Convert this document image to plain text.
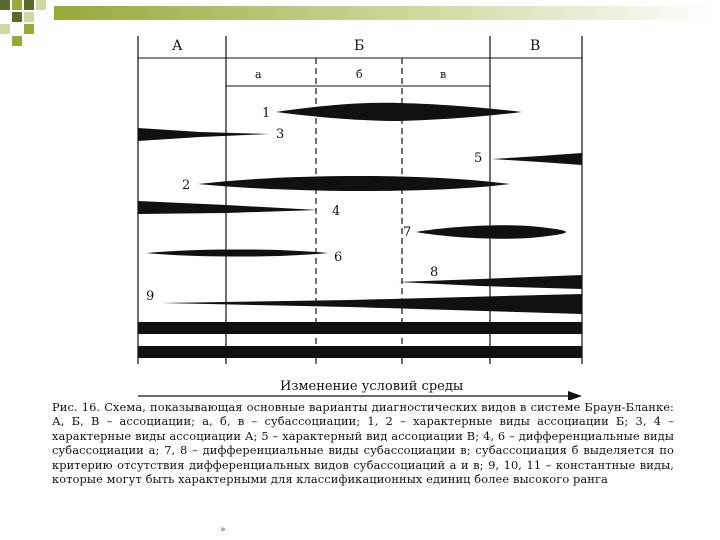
А	Б	В
а	б	в
1
3
5
2
4
7
6
8
9
Изменение условий среды

Рис. 16. Схема, показывающая основные варианты диагностических видов в системе Браун-Бланке: А, Б, В – ассоциации; а, б, в – субассоциации; 1, 2 – характерные виды ассоциации Б; 3, 4 – характерные виды ассоциации А; 5 – характерный вид ассоциации В; 4, 6 – дифференциальные виды субассоциации а; 7, 8 – дифференциальные виды субассоциации в; субассоциация б выделяется по критерию отсутствия дифференциальных видов субассоциаций а и в; 9, 10, 11 – константные виды, которые могут быть характерными для классификационных единиц более высокого ранга

»
